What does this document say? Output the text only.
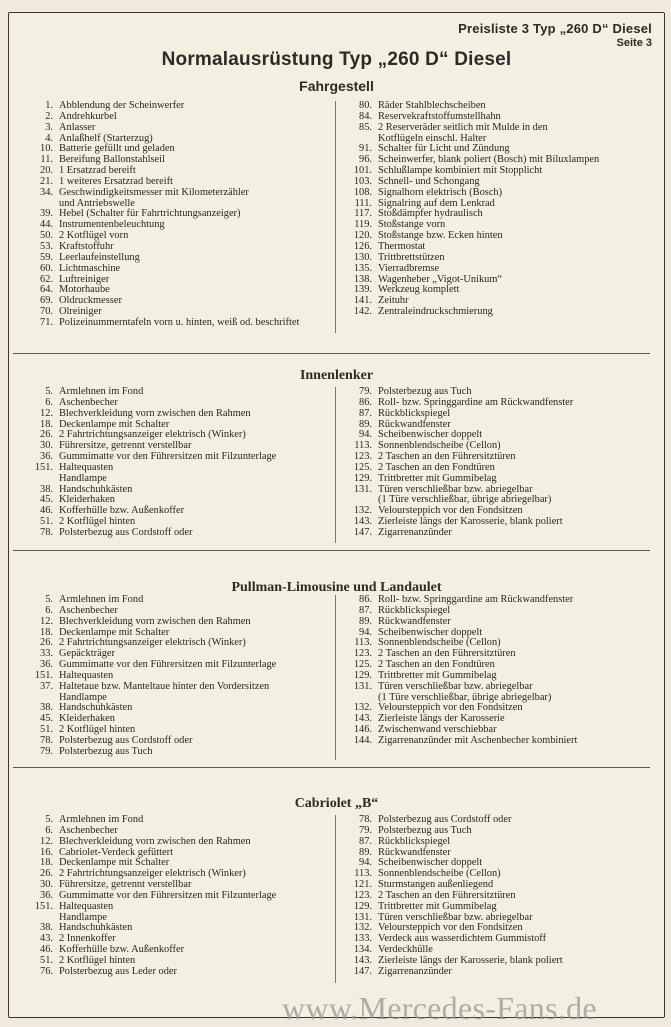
Preisliste 3 Typ „260 D“ Diesel
Seite 3
Normalausrüstung Typ „260 D“ Diesel
Fahrgestell
1. Abblendung der Scheinwerfer
2. Andrehkurbel
3. Anlasser
4. Anlaßhelf (Starterzug)
10. Batterie gefüllt und geladen
11. Bereifung Ballonstahlseil
20. 1 Ersatzrad bereift
21. 1 weiteres Ersatzrad bereift
34. Geschwindigkeitsmesser mit Kilometerzähler
und Antriebswelle
39. Hebel (Schalter für Fahrtrichtungsanzeiger)
44. Instrumentenbeleuchtung
50. 2 Kotflügel vorn
53. Kraftstoffuhr
59. Leerlaufeinstellung
60. Lichtmaschine
62. Luftreiniger
64. Motorhaube
69. Oldruckmesser
70. Olreiniger
71. Polizeinummerntafeln vorn u. hinten, weiß od. beschriftet
80. Räder Stahlblechscheiben
84. Reservekraftstoffumstellhahn
85. 2 Reserveräder seitlich mit Mulde in den
Kotflügeln einschl. Halter
91. Schalter für Licht und Zündung
96. Scheinwerfer, blank poliert (Bosch) mit Biluxlampen
101. Schlußlampe kombiniert mit Stopplicht
103. Schnell- und Schongang
108. Signalhorn elektrisch (Bosch)
111. Signalring auf dem Lenkrad
117. Stoßdämpfer hydraulisch
119. Stoßstange vorn
120. Stoßstange bzw. Ecken hinten
126. Thermostat
130. Trittbrettstützen
135. Vierradbremse
138. Wagenheber „Vigot-Unikum“
139. Werkzeug komplett
141. Zeituhr
142. Zentraleindruckschmierung
Innenlenker
5. Armlehnen im Fond
6. Aschenbecher
12. Blechverkleidung vorn zwischen den Rahmen
18. Deckenlampe mit Schalter
26. 2 Fahrtrichtungsanzeiger elektrisch (Winker)
30. Führersitze, getrennt verstellbar
36. Gummimatte vor den Führersitzen mit Filzunterlage
151. Haltequasten
Handlampe
38. Handschuhkästen
45. Kleiderhaken
46. Kofferhülle bzw. Außenkoffer
51. 2 Kotflügel hinten
78. Polsterbezug aus Cordstoff oder
79. Polsterbezug aus Tuch
86. Roll- bzw. Springgardine am Rückwandfenster
87. Rückblickspiegel
89. Rückwandfenster
94. Scheibenwischer doppelt
113. Sonnenblendscheibe (Cellon)
123. 2 Taschen an den Führersitztüren
125. 2 Taschen an den Fondtüren
129. Trittbretter mit Gummibelag
131. Türen verschließbar bzw. abriegelbar
(1 Türe verschließbar, übrige abriegelbar)
132. Velourstеppich vor den Fondsitzen
143. Zierleiste längs der Karosserie, blank poliert
147. Zigarrenanzünder
Pullman-Limousine und Landaulet
5. Armlehnen im Fond
6. Aschenbecher
12. Blechverkleidung vorn zwischen den Rahmen
18. Deckenlampe mit Schalter
26. 2 Fahrtrichtungsanzeiger elektrisch (Winker)
33. Gepäckträger
36. Gummimatte vor den Führersitzen mit Filzunterlage
151. Haltequasten
37. Haltetaue bzw. Manteltaue hinter den Vordersitzen
Handlampe
38. Handschuhkästen
45. Kleiderhaken
51. 2 Kotflügel hinten
78. Polsterbezug aus Cordstoff oder
79. Polsterbezug aus Tuch
86. Roll- bzw. Springgardine am Rückwandfenster
87. Rückblickspiegel
89. Rückwandfenster
94. Scheibenwischer doppelt
113. Sonnenblendscheibe (Cellon)
123. 2 Taschen an den Führersitztüren
125. 2 Taschen an den Fondtüren
129. Trittbretter mit Gummibelag
131. Türen verschließbar bzw. abriegelbar
(1 Türe verschließbar, übrige abriegelbar)
132. Velourstеppich vor den Fondsitzen
143. Zierleiste längs der Karosserie
146. Zwischenwand verschiebbar
144. Zigarrenanzünder mit Aschenbecher kombiniert
Cabriolet „B“
5. Armlehnen im Fond
6. Aschenbecher
12. Blechverkleidung vorn zwischen den Rahmen
16. Cabriolet-Verdeck gefüttert
18. Deckenlampe mit Schalter
26. 2 Fahrtrichtungsanzeiger elektrisch (Winker)
30. Führersitze, getrennt verstellbar
36. Gummimatte vor den Führersitzen mit Filzunterlage
151. Haltequasten
Handlampe
38. Handschuhkästen
43. 2 Innenkoffer
46. Kofferhülle bzw. Außenkoffer
51. 2 Kotflügel hinten
76. Polsterbezug aus Leder oder
78. Polsterbezug aus Cordstoff oder
79. Polsterbezug aus Tuch
87. Rückblickspiegel
89. Rückwandfenster
94. Scheibenwischer doppelt
113. Sonnenblendscheibe (Cellon)
121. Sturmstangen außenliegend
123. 2 Taschen an den Führersitztüren
129. Trittbretter mit Gummibelag
131. Türen verschließbar bzw. abriegelbar
132. Velourstеppich vor den Fondsitzen
133. Verdeck aus wasserdichtem Gummistoff
134. Verdeckhülle
143. Zierleiste längs der Karosserie, blank poliert
147. Zigarrenanzünder
www.Mercedes-Fans.de
